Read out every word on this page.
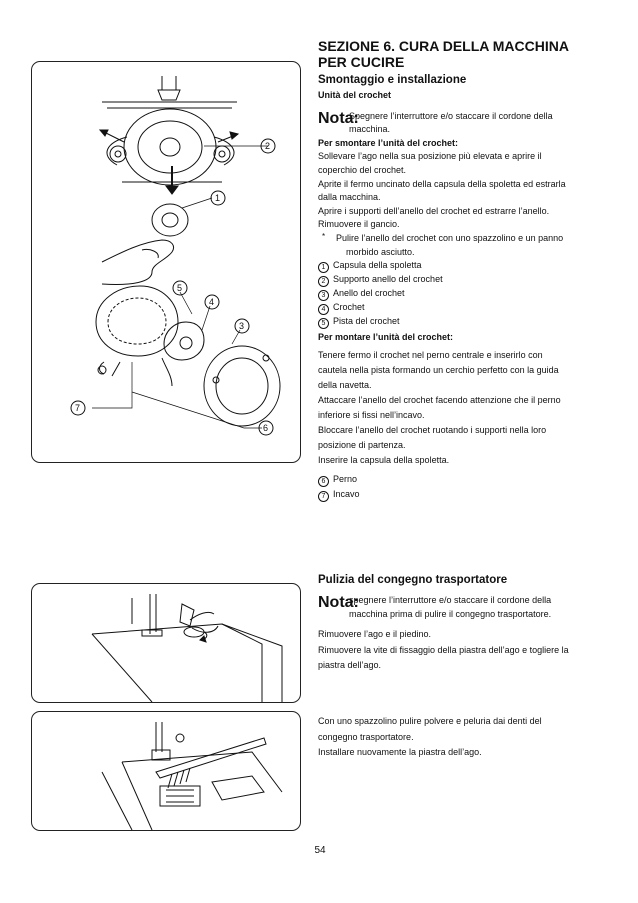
2
1
5
4
3
6
7
SEZIONE 6. CURA DELLA MACCHINA
PER CUCIRE
Smontaggio e installazione

Unità del crochet

Nota:
Spegnere l’interruttore e/o staccare il cordone della
macchina.

Per smontare l’unità del crochet:

Sollevare l’ago nella sua posizione più elevata e aprire il

coperchio del crochet.

Aprite il fermo uncinato della capsula della spoletta ed estrarla

dalla macchina.

Aprire i supporti dell’anello del crochet ed estrarre l’anello.

Rimuovere il gancio.

*	Pulire l’anello del crochet con uno spazzolino e un panno
morbido asciutto.

1 Capsula della spoletta

2 Supporto anello del crochet

3 Anello del crochet

4 Crochet

5 Pista del crochet

Per montare l’unità del crochet:

Tenere fermo il crochet nel perno centrale e inserirlo con

cautela nella pista formando un cerchio perfetto con la guida

della navetta.

Attaccare l’anello del crochet facendo attenzione che il perno

inferiore si fissi nell’incavo.

Bloccare l’anello del crochet ruotando i supporti nella loro

posizione di partenza.

Inserire la capsula della spoletta.

6 Perno

7 Incavo

Pulizia del congegno trasportatore
Nota:
spegnere l’interruttore e/o staccare il cordone della
macchina prima di pulire il congegno trasportatore.

Rimuovere l’ago e il piedino.

Rimuovere la vite di fissaggio della piastra dell’ago e togliere la

piastra dell’ago.

Con uno spazzolino pulire polvere e peluria dai denti del

congegno trasportatore.

Installare nuovamente la piastra dell’ago.

54
